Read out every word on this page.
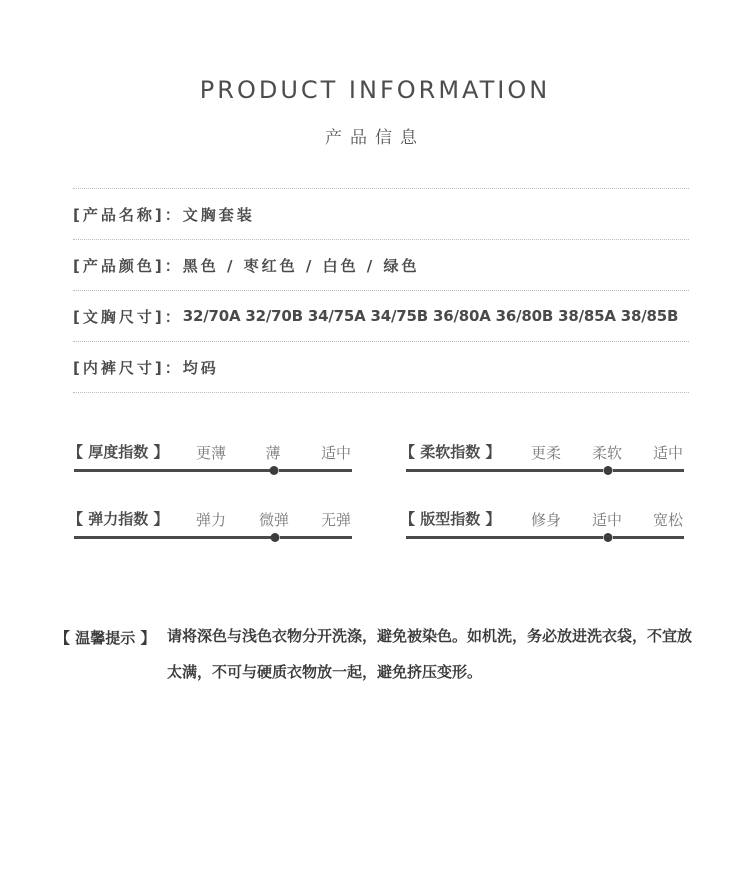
PRODUCT INFORMATION
产品信息
[产品名称]： 文胸套装
[产品颜色]： 黑色 / 枣红色 / 白色 / 绿色
[文胸尺寸]： 32/70A 32/70B 34/75A 34/75B 36/80A 36/80B 38/85A 38/85B
[内裤尺寸]： 均码
【 厚度指数 】 更薄	薄	适中	【 柔软指数 】 更柔 柔软 适中
【 弹力指数 】 弹力 微弹 无弹	【 版型指数 】 修身 适中 宽松
【 温馨提示 】 请将深色与浅色衣物分开洗涤，避免被染色。如机洗，务必放进洗衣袋，不宜放太满，不可与硬质衣物放一起，避免挤压变形。
